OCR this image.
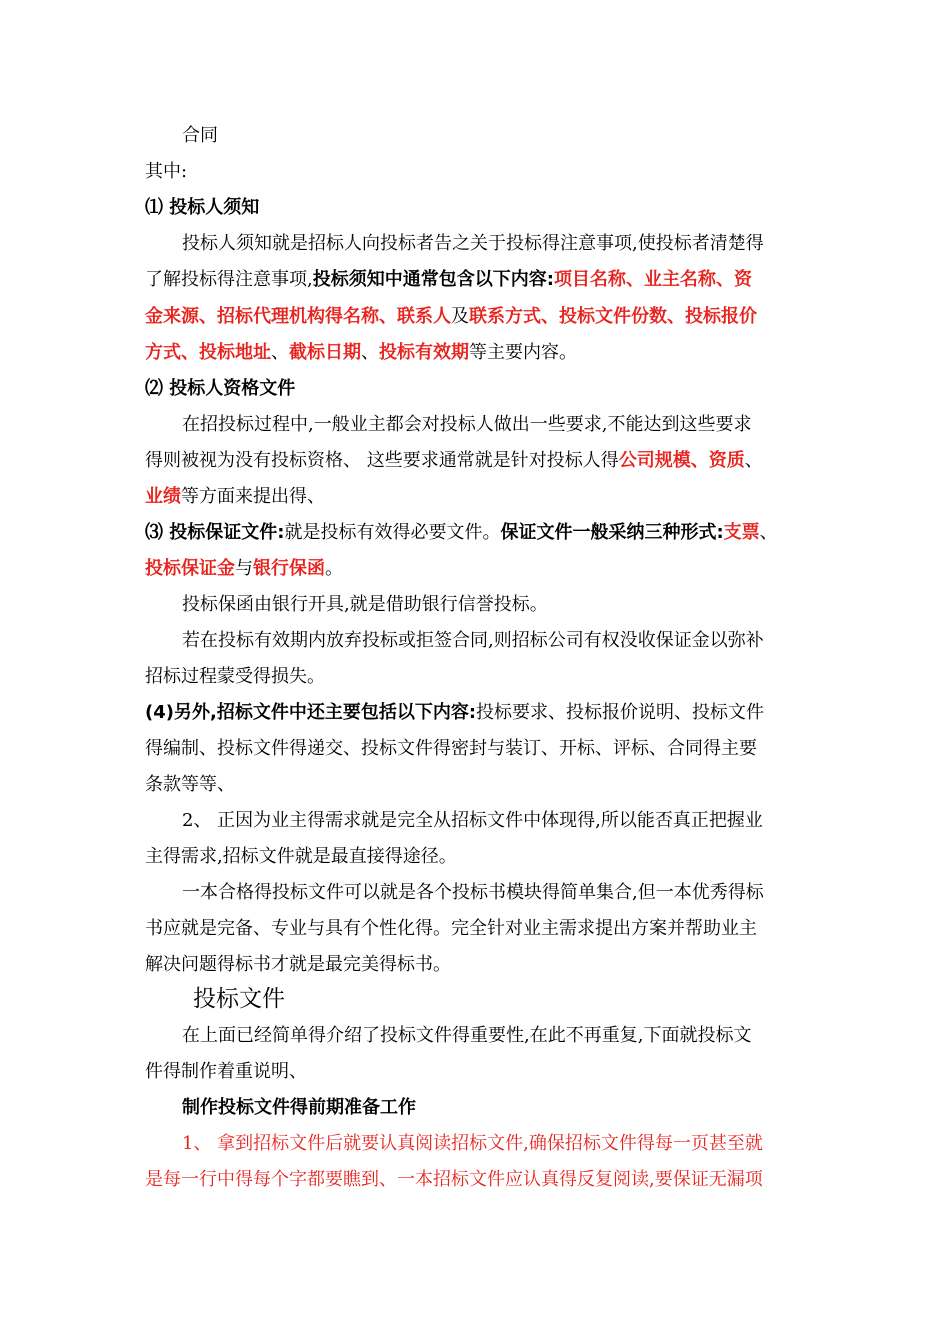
合同
其中:
⑴ 投标人须知
投标人须知就是招标人向投标者告之关于投标得注意事项,使投标者清楚得
了解投标得注意事项,投标须知中通常包含以下内容:项目名称、业主名称、资
金来源、招标代理机构得名称、联系人及联系方式、投标文件份数、投标报价
方式、投标地址、截标日期、投标有效期等主要内容。
⑵ 投标人资格文件
在招投标过程中,一般业主都会对投标人做出一些要求,不能达到这些要求
得则被视为没有投标资格、 这些要求通常就是针对投标人得公司规模、资质、
业绩等方面来提出得、
⑶ 投标保证文件:就是投标有效得必要文件。保证文件一般采纳三种形式:支票、
投标保证金与银行保函。
投标保函由银行开具,就是借助银行信誉投标。
若在投标有效期内放弃投标或拒签合同,则招标公司有权没收保证金以弥补
招标过程蒙受得损失。
(4)另外,招标文件中还主要包括以下内容:投标要求、投标报价说明、投标文件
得编制、投标文件得递交、投标文件得密封与装订、开标、评标、合同得主要
条款等等、
2、 正因为业主得需求就是完全从招标文件中体现得,所以能否真正把握业
主得需求,招标文件就是最直接得途径。
一本合格得投标文件可以就是各个投标书模块得简单集合,但一本优秀得标
书应就是完备、专业与具有个性化得。完全针对业主需求提出方案并帮助业主
解决问题得标书才就是最完美得标书。
投标文件
在上面已经简单得介绍了投标文件得重要性,在此不再重复,下面就投标文
件得制作着重说明、
制作投标文件得前期准备工作
1、 拿到招标文件后就要认真阅读招标文件,确保招标文件得每一页甚至就
是每一行中得每个字都要瞧到、一本招标文件应认真得反复阅读,要保证无漏项
